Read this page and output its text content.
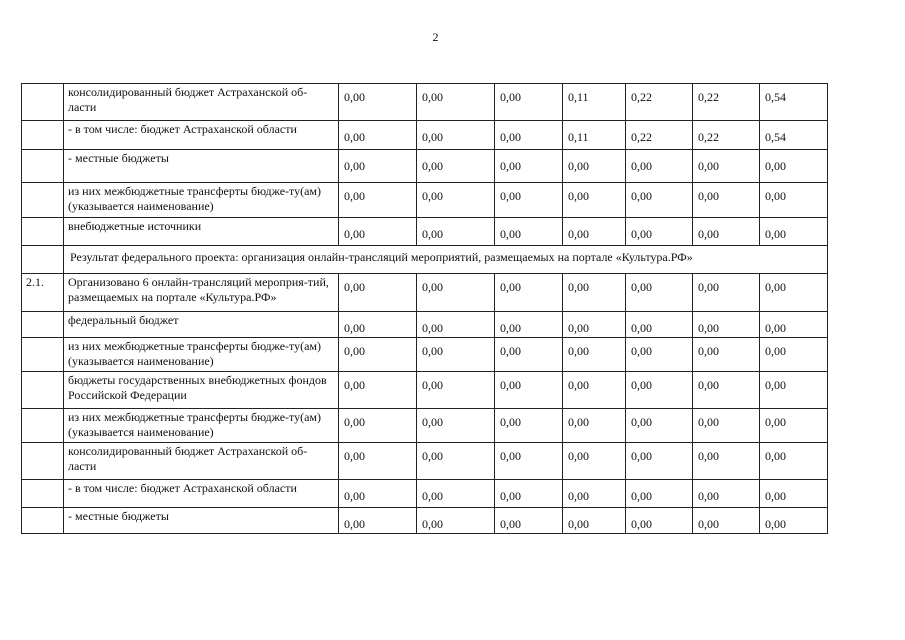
2
	консолидированный бюджет Астраханской об-ласти	0,00	0,00	0,00	0,11	0,22	0,22	0,54
	- в том числе: бюджет Астраханской области	0,00	0,00	0,00	0,11	0,22	0,22	0,54
	- местные бюджеты	0,00	0,00	0,00	0,00	0,00	0,00	0,00
	из них межбюджетные трансферты бюдже-ту(ам) (указывается наименование)	0,00	0,00	0,00	0,00	0,00	0,00	0,00
	внебюджетные источники	0,00	0,00	0,00	0,00	0,00	0,00	0,00
	Результат федерального проекта: организация онлайн-трансляций мероприятий, размещаемых на портале «Культура.РФ»							
2.1.	Организовано 6 онлайн-трансляций мероприя-тий, размещаемых на портале «Культура.РФ»	0,00	0,00	0,00	0,00	0,00	0,00	0,00
	федеральный бюджет	0,00	0,00	0,00	0,00	0,00	0,00	0,00
	из них межбюджетные трансферты бюдже-ту(ам) (указывается наименование)	0,00	0,00	0,00	0,00	0,00	0,00	0,00
	бюджеты государственных внебюджетных фондов Российской Федерации	0,00	0,00	0,00	0,00	0,00	0,00	0,00
	из них межбюджетные трансферты бюдже-ту(ам) (указывается наименование)	0,00	0,00	0,00	0,00	0,00	0,00	0,00
	консолидированный бюджет Астраханской об-ласти	0,00	0,00	0,00	0,00	0,00	0,00	0,00
	- в том числе: бюджет Астраханской области	0,00	0,00	0,00	0,00	0,00	0,00	0,00
	- местные бюджеты	0,00	0,00	0,00	0,00	0,00	0,00	0,00
